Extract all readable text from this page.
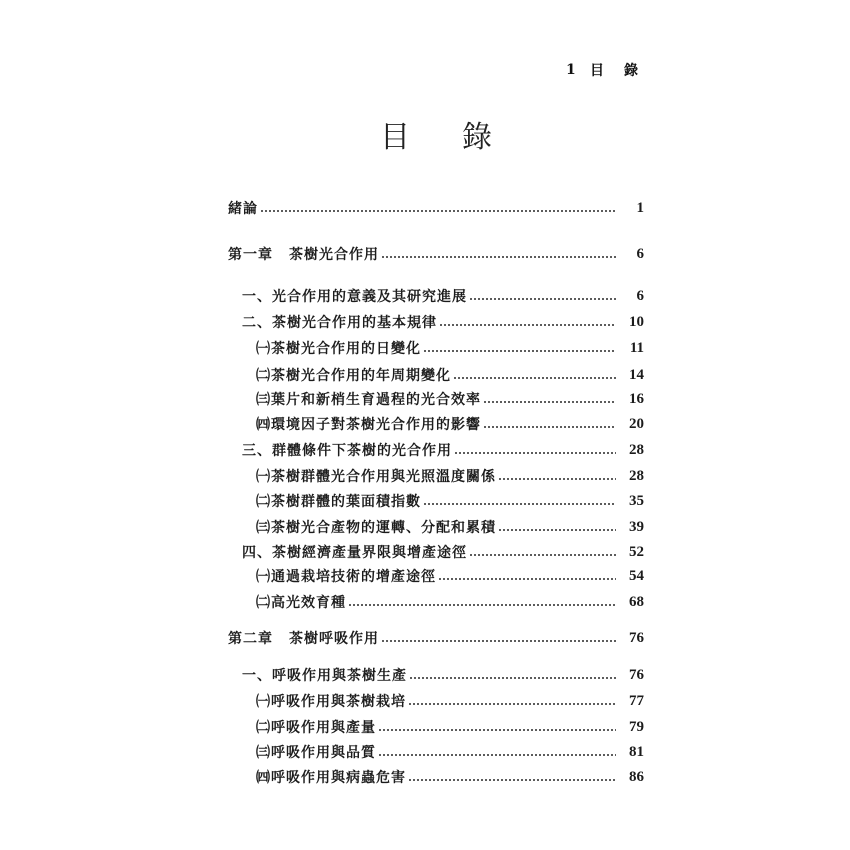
1	目	錄
目	錄
緒論	1
第一章 茶樹光合作用	6
一、光合作用的意義及其研究進展	6
二、茶樹光合作用的基本規律	10
㈠茶樹光合作用的日變化	11
㈡茶樹光合作用的年周期變化	14
㈢葉片和新梢生育過程的光合效率	16
㈣環境因子對茶樹光合作用的影響	20
三、群體條件下茶樹的光合作用	28
㈠茶樹群體光合作用與光照溫度關係	28
㈡茶樹群體的葉面積指數	35
㈢茶樹光合產物的運轉、分配和累積	39
四、茶樹經濟產量界限與增產途徑	52
㈠通過栽培技術的增產途徑	54
㈡高光效育種	68
第二章 茶樹呼吸作用	76
一、呼吸作用與茶樹生產	76
㈠呼吸作用與茶樹栽培	77
㈡呼吸作用與產量	79
㈢呼吸作用與品質	81
㈣呼吸作用與病蟲危害	86
